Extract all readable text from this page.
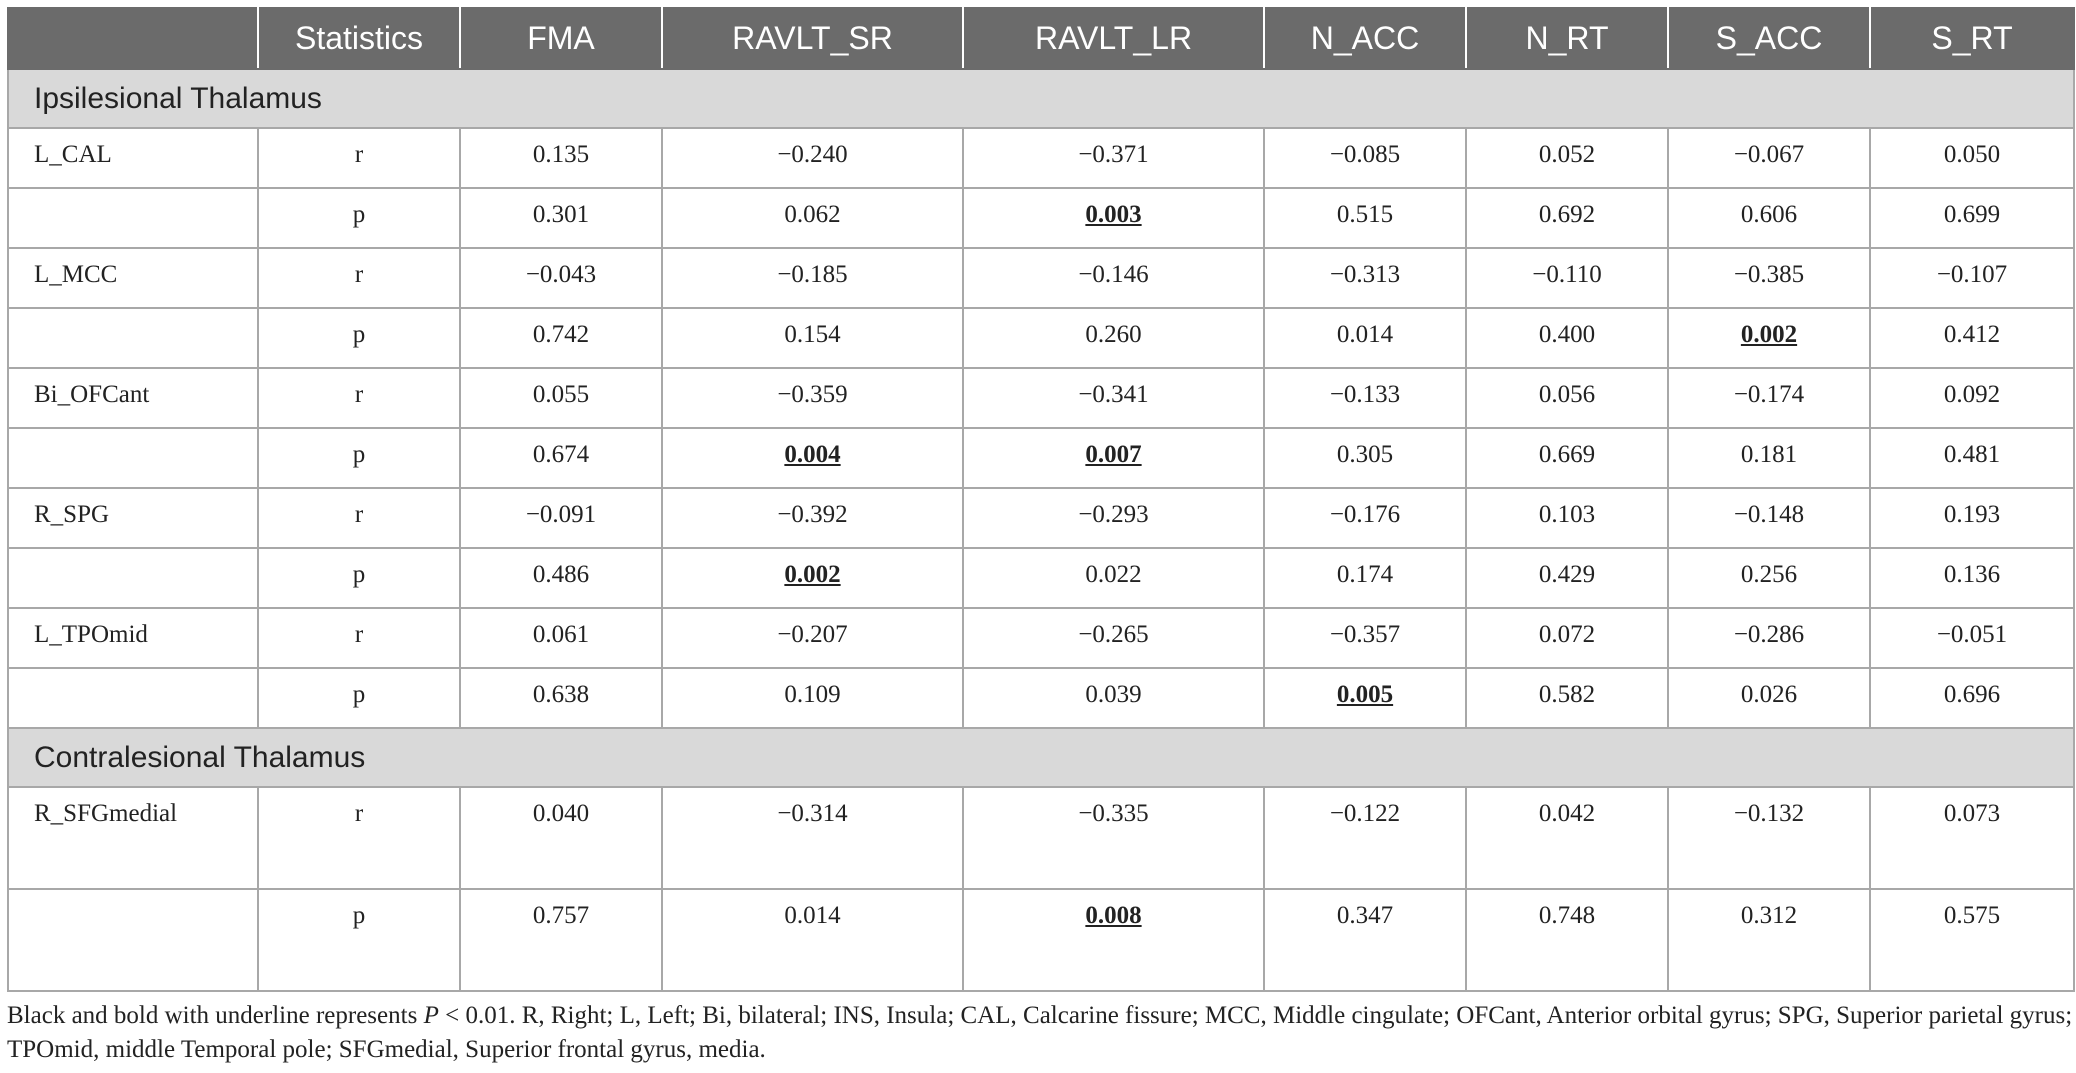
	Statistics	FMA	RAVLT_SR	RAVLT_LR	N_ACC	N_RT	S_ACC	S_RT
Ipsilesional Thalamus								
L_CAL	r	0.135	−0.240	−0.371	−0.085	0.052	−0.067	0.050
	p	0.301	0.062	0.003	0.515	0.692	0.606	0.699
L_MCC	r	−0.043	−0.185	−0.146	−0.313	−0.110	−0.385	−0.107
	p	0.742	0.154	0.260	0.014	0.400	0.002	0.412
Bi_OFCant	r	0.055	−0.359	−0.341	−0.133	0.056	−0.174	0.092
	p	0.674	0.004	0.007	0.305	0.669	0.181	0.481
R_SPG	r	−0.091	−0.392	−0.293	−0.176	0.103	−0.148	0.193
	p	0.486	0.002	0.022	0.174	0.429	0.256	0.136
L_TPOmid	r	0.061	−0.207	−0.265	−0.357	0.072	−0.286	−0.051
	p	0.638	0.109	0.039	0.005	0.582	0.026	0.696
Contralesional Thalamus								
R_SFGmedial	r	0.040	−0.314	−0.335	−0.122	0.042	−0.132	0.073
	p	0.757	0.014	0.008	0.347	0.748	0.312	0.575
Black and bold with underline represents P < 0.01. R, Right; L, Left; Bi, bilateral; INS, Insula; CAL, Calcarine fissure; MCC, Middle cingulate; OFCant, Anterior orbital gyrus; SPG, Superior parietal gyrus; TPOmid, middle Temporal pole; SFGmedial, Superior frontal gyrus, media.
